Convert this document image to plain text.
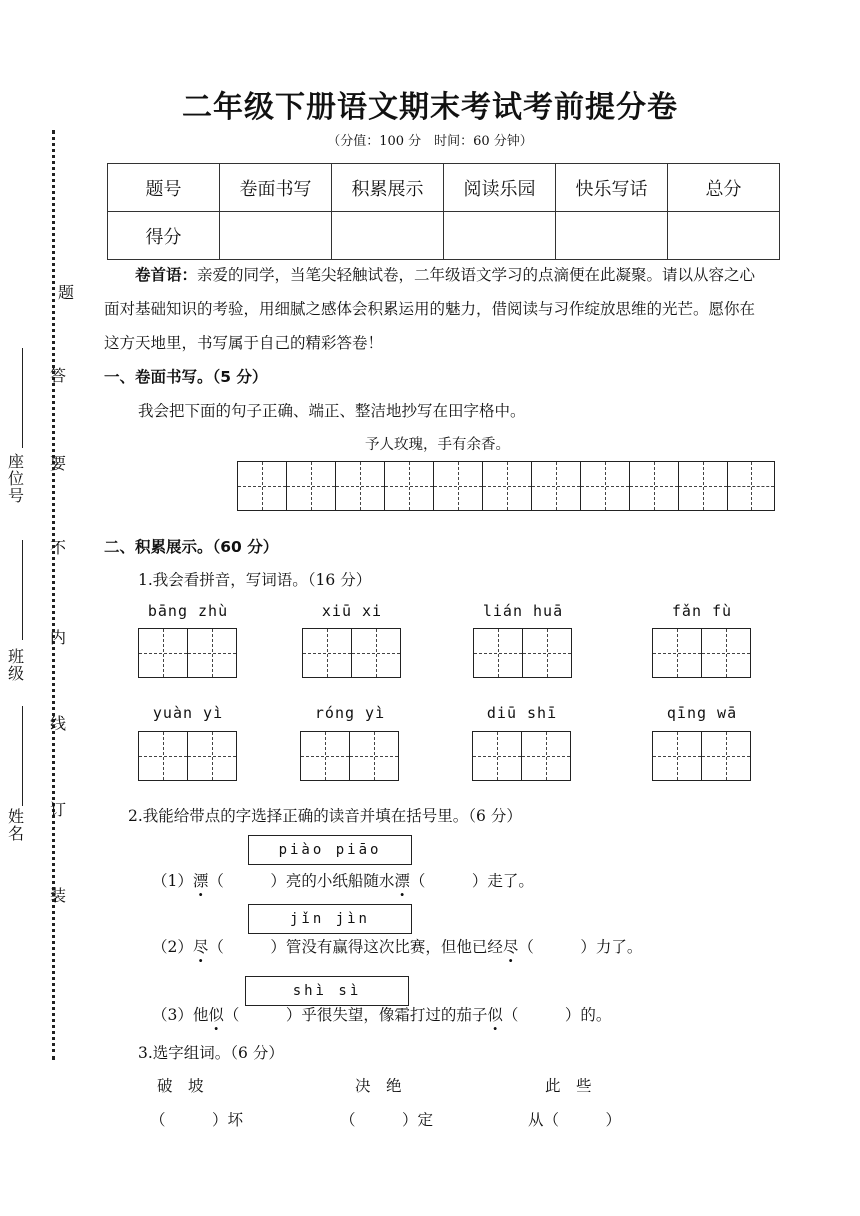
题
答
要
不
内
线
订
装
座位号
班级
姓名
二年级下册语文期末考试考前提分卷
（分值：100 分　时间：60 分钟）
题号	卷面书写	积累展示	阅读乐园	快乐写话	总分
得分					
卷首语：亲爱的同学，当笔尖轻触试卷，二年级语文学习的点滴便在此凝聚。请以从容之心面对基础知识的考验，用细腻之感体会积累运用的魅力，借阅读与习作绽放思维的光芒。愿你在这方天地里，书写属于自己的精彩答卷！
一、卷面书写。（5 分）
我会把下面的句子正确、端正、整洁地抄写在田字格中。
予人玫瑰，手有余香。
二、积累展示。（60 分）
1.我会看拼音，写词语。（16 分）
bāng zhù	xiū xi	lián huā	fǎn fù
yuàn yì	róng yì	diū shī	qīng wā
2.我能给带点的字选择正确的读音并填在括号里。（6 分）
piào piāo
（1）漂（　　　）亮的小纸船随水漂（　　　）走了。
jǐn jìn
（2）尽（　　　）管没有赢得这次比赛，但他已经尽（　　　）力了。
shì sì
（3）他似（　　　）乎很失望，像霜打过的茄子似（　　　）的。
3.选字组词。（6 分）
破　坡	决　绝	此　些
（　　　）坏	（　　　）定	从（　　　）
